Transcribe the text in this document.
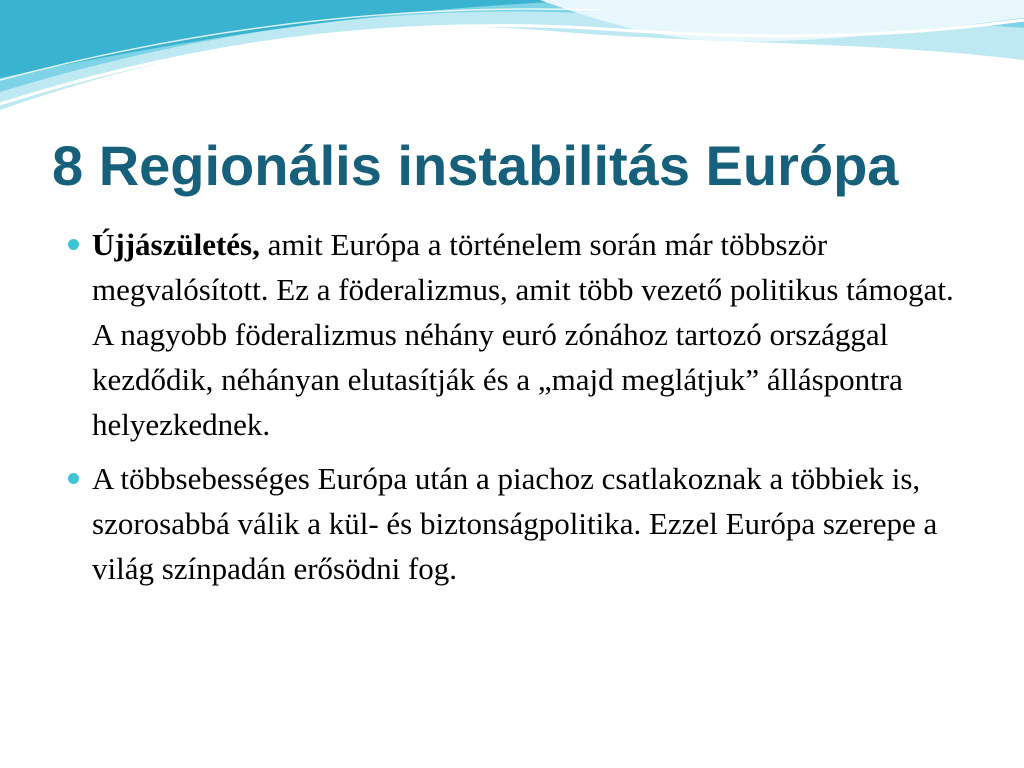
8 Regionális instabilitás Európa
Újjászületés, amit Európa a történelem során már többször megvalósított. Ez a föderalizmus, amit több vezető politikus támogat. A nagyobb föderalizmus néhány euró zónához tartozó országgal kezdődik, néhányan elutasítják és a „majd meglátjuk” álláspontra helyezkednek.
A többsebességes Európa után a piachoz csatlakoznak a többiek is, szorosabbá válik a kül- és biztonságpolitika. Ezzel Európa szerepe a világ színpadán erősödni fog.
